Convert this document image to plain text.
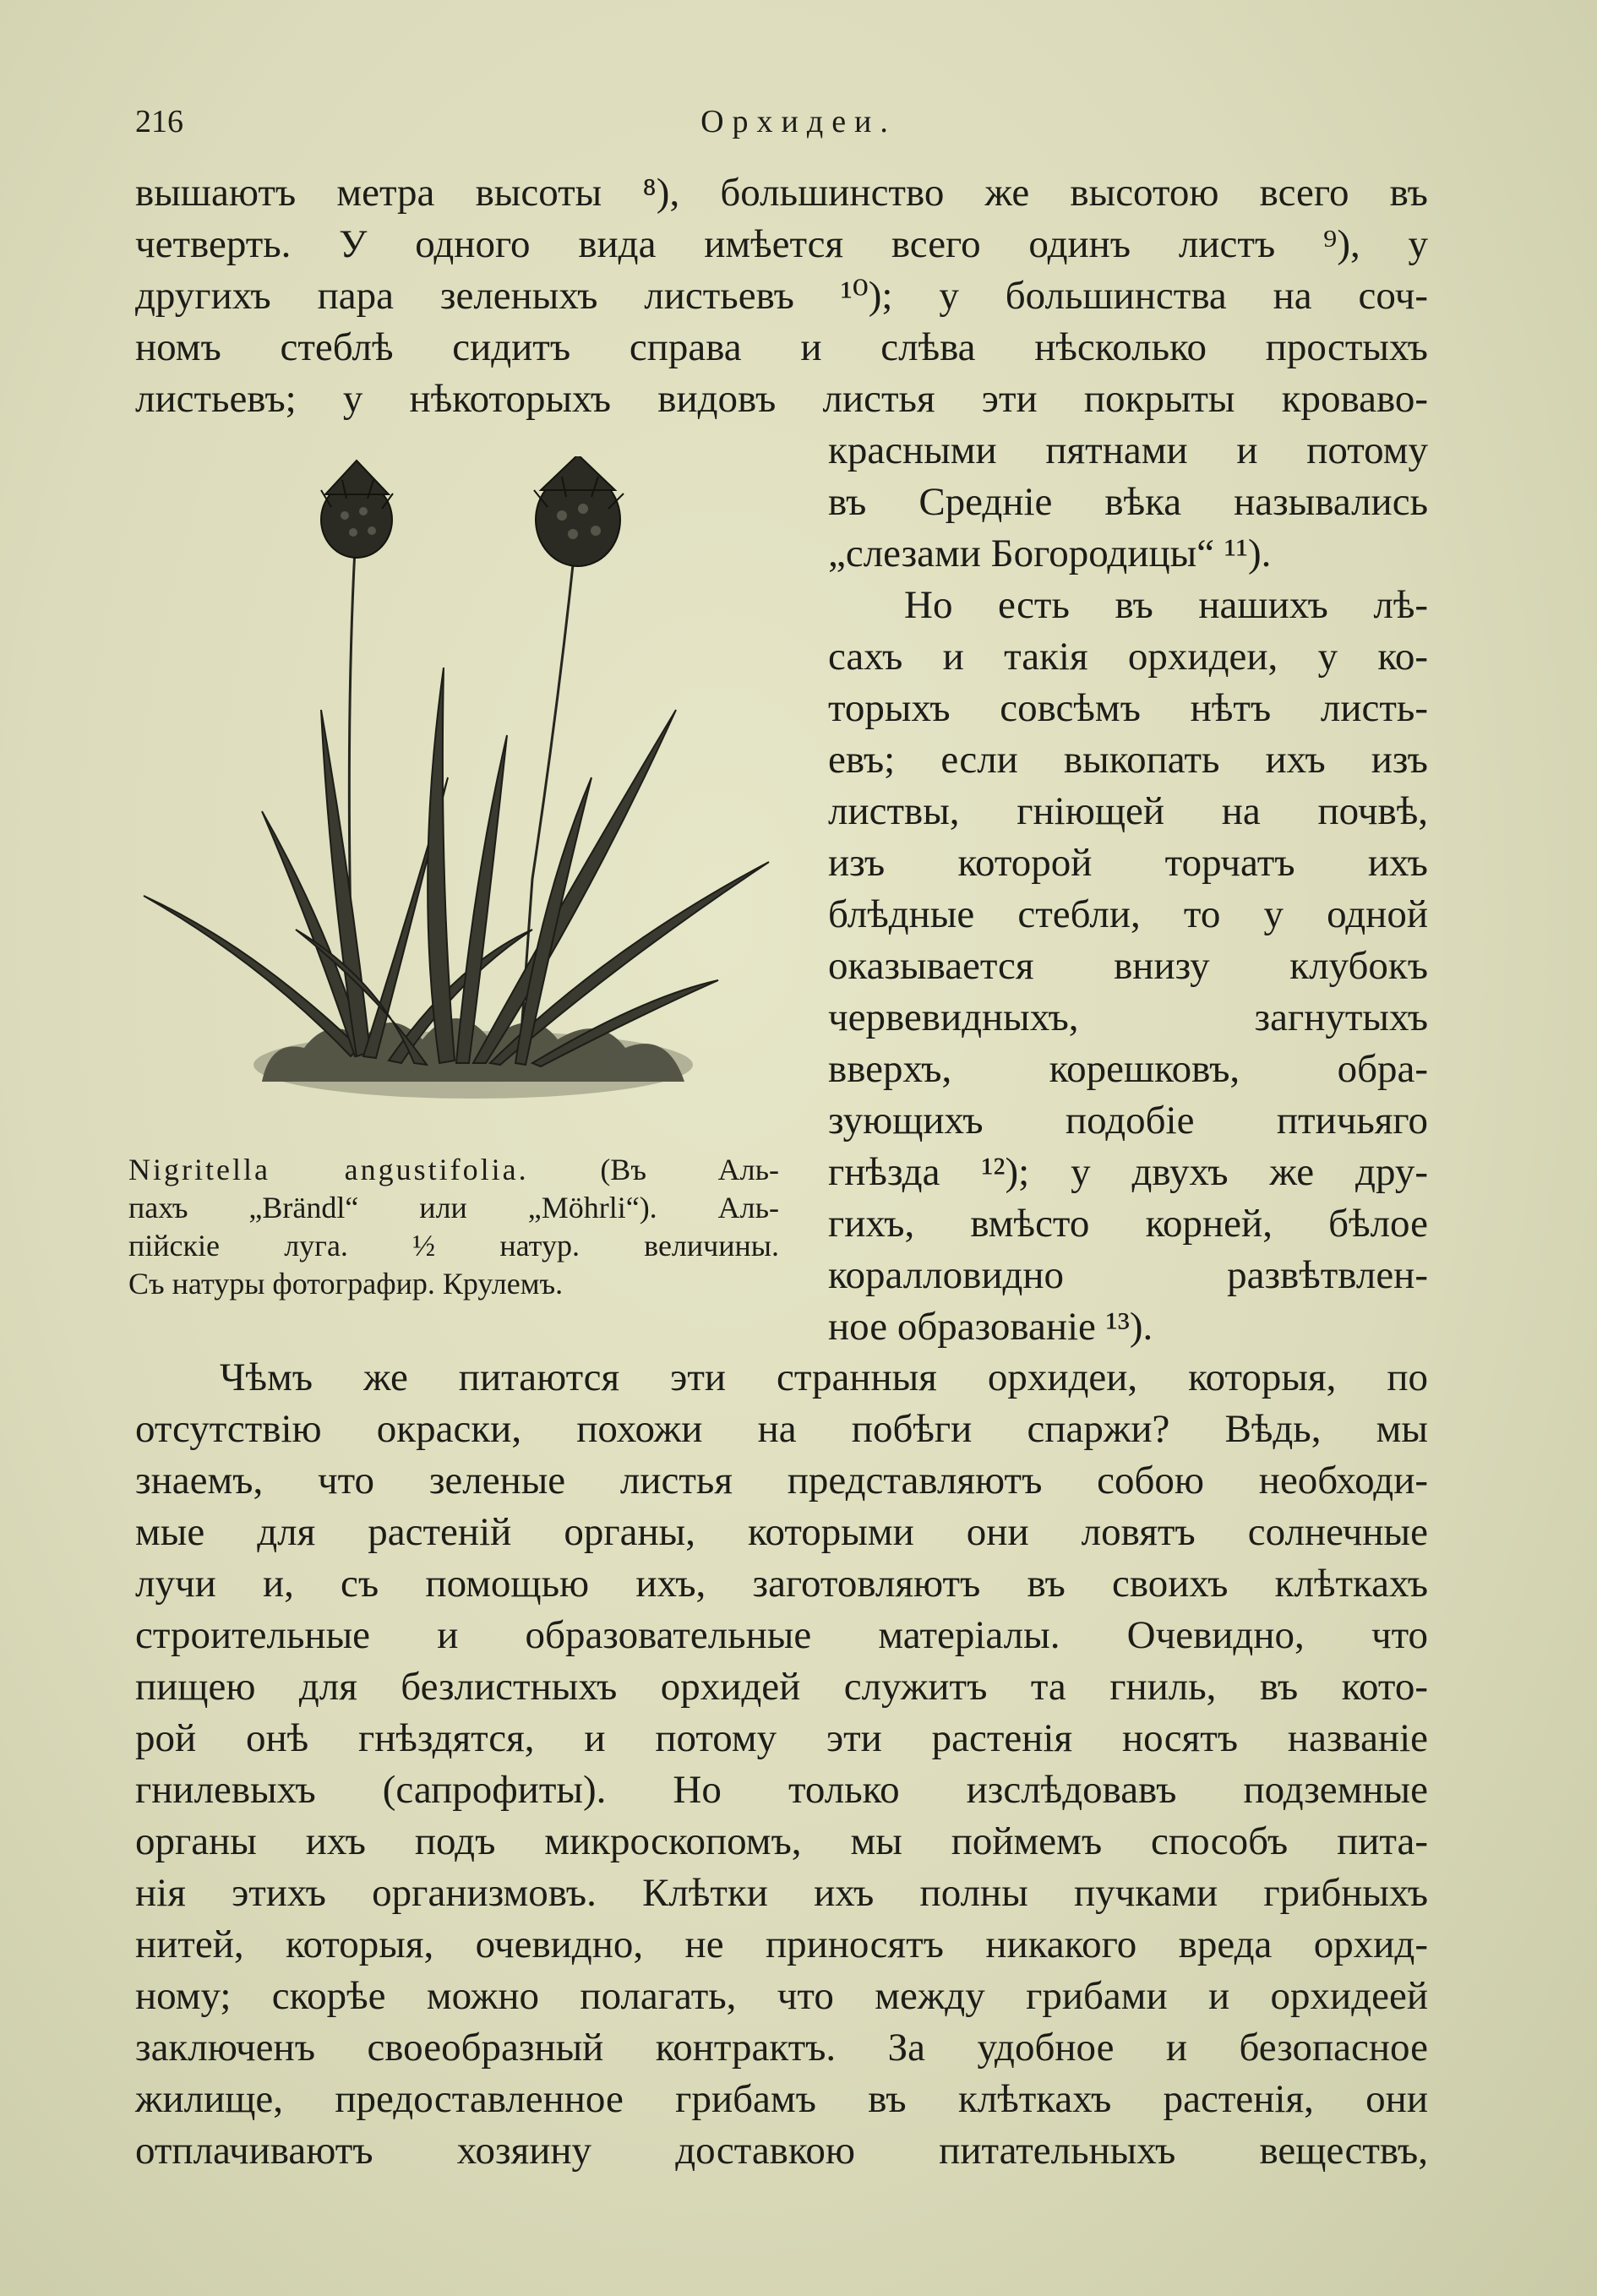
216	Орхидеи.
вышаютъ метра высоты ⁸), большинство же высотою всего въ
четверть. У одного вида имѣется всего одинъ листъ ⁹), у
другихъ пара зеленыхъ листьевъ ¹⁰); у большинства на соч-
номъ стеблѣ сидитъ справа и слѣва нѣсколько простыхъ
листьевъ; у нѣкоторыхъ видовъ листья эти покрыты кроваво-
красными пятнами и потому
въ Средніе вѣка назывались
„слезами Богородицы“ ¹¹).
Но есть въ нашихъ лѣ-
сахъ и такія орхидеи, у ко-
торыхъ совсѣмъ нѣтъ листь-
евъ; если выкопать ихъ изъ
листвы, гніющей на почвѣ,
изъ которой торчатъ ихъ
блѣдные стебли, то у одной
оказывается внизу клубокъ
червевидныхъ, загнутыхъ
вверхъ, корешковъ, обра-
зующихъ подобіе птичьяго
гнѣзда ¹²); у двухъ же дру-
гихъ, вмѣсто корней, бѣлое
коралловидно развѣтвлен-
ное образованіе ¹³).
Nigritella angustifolia. (Въ Аль-
пахъ „Brändl“ или „Möhrli“). Аль-
пійскіе луга. ½ натур. величины.
Съ натуры фотографир. Крулемъ.
Чѣмъ же питаются эти странныя орхидеи, которыя, по
отсутствію окраски, похожи на побѣги спаржи? Вѣдь, мы
знаемъ, что зеленые листья представляютъ собою необходи-
мые для растеній органы, которыми они ловятъ солнечные
лучи и, съ помощью ихъ, заготовляютъ въ своихъ клѣткахъ
строительные и образовательные матеріалы. Очевидно, что
пищею для безлистныхъ орхидей служитъ та гниль, въ кото-
рой онѣ гнѣздятся, и потому эти растенія носятъ названіе
гнилевыхъ (сапрофиты). Но только изслѣдовавъ подземные
органы ихъ подъ микроскопомъ, мы поймемъ способъ пита-
нія этихъ организмовъ. Клѣтки ихъ полны пучками грибныхъ
нитей, которыя, очевидно, не приносятъ никакого вреда орхид-
ному; скорѣе можно полагать, что между грибами и орхидеей
заключенъ своеобразный контрактъ. За удобное и безопасное
жилище, предоставленное грибамъ въ клѣткахъ растенія, они
отплачиваютъ хозяину доставкою питательныхъ веществъ,
